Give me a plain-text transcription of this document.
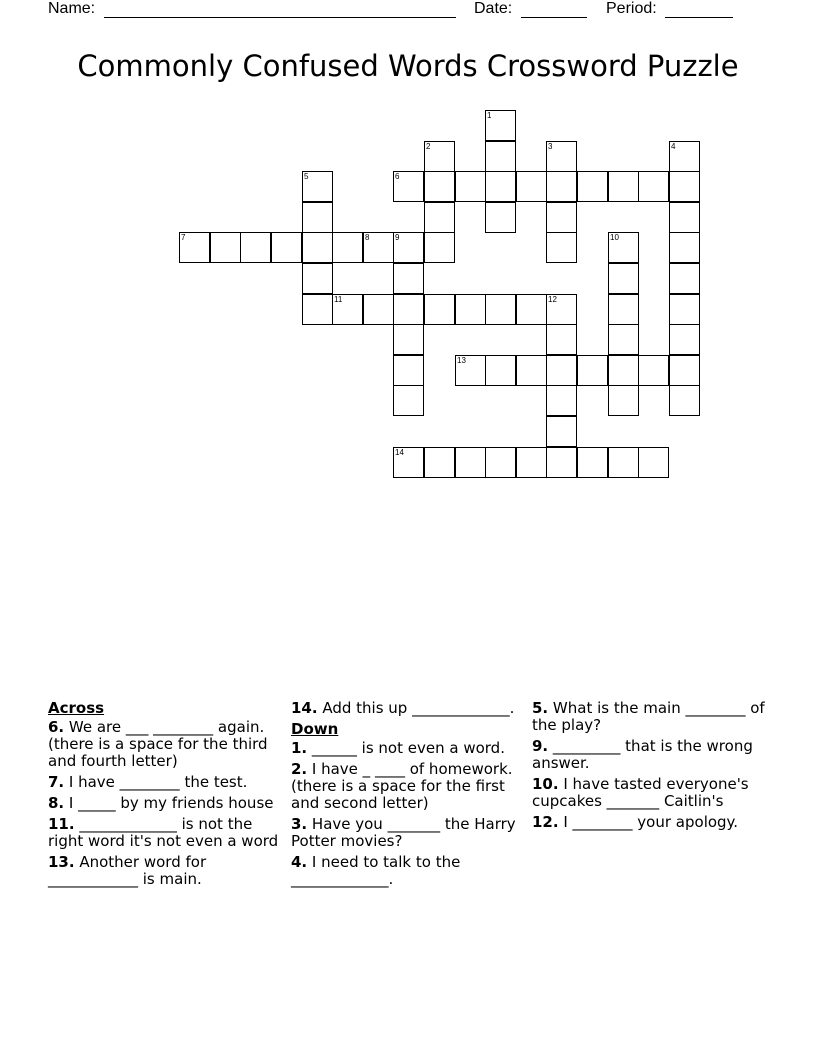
Name:	Date:	Period:
Commonly Confused Words Crossword Puzzle
1
2	3	4
5	6
7	8	9	10
11	12
13
14
Across
6. We are ___ ________ again. (there is a space for the third and fourth letter)
7. I have ________ the test.
8. I _____ by my friends house
11. _____________ is not the right word it's not even a word
13. Another word for ____________ is main.
14. Add this up _____________.
Down
1. ______ is not even a word.
2. I have _ ____ of homework. (there is a space for the first and second letter)
3. Have you _______ the Harry Potter movies?
4. I need to talk to the _____________.
5. What is the main ________ of the play?
9. _________ that is the wrong answer.
10. I have tasted everyone's cupcakes _______ Caitlin's
12. I ________ your apology.
